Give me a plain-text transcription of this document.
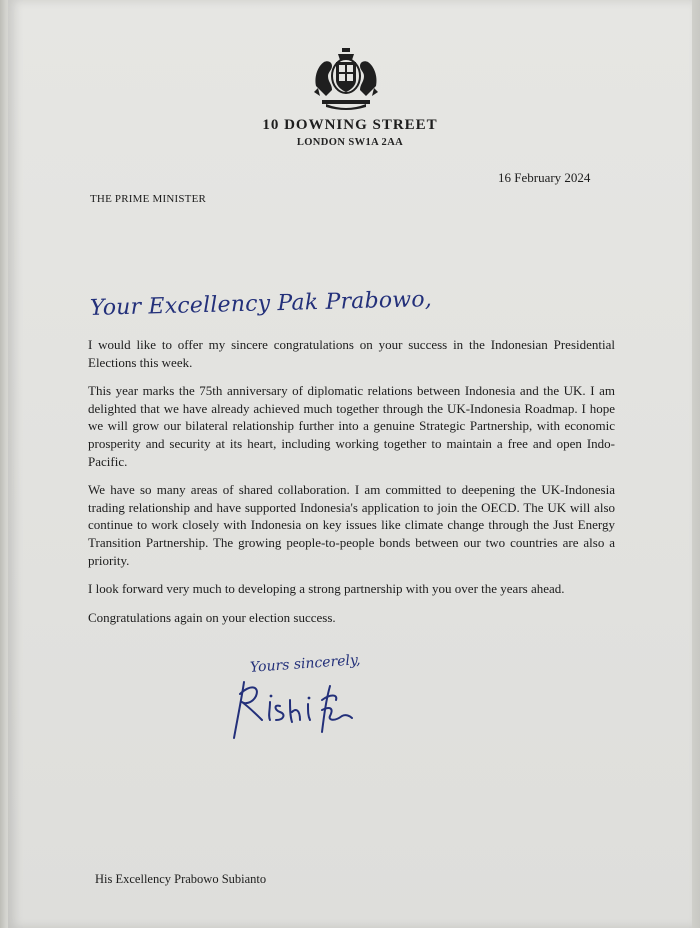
10 DOWNING STREET
LONDON SW1A 2AA
16 February 2024
THE PRIME MINISTER
Your Excellency Pak Prabowo,

I would like to offer my sincere congratulations on your success in the Indonesian Presidential Elections this week.

This year marks the 75th anniversary of diplomatic relations between Indonesia and the UK. I am delighted that we have already achieved much together through the UK-Indonesia Roadmap. I hope we will grow our bilateral relationship further into a genuine Strategic Partnership, with economic prosperity and security at its heart, including working together to maintain a free and open Indo-Pacific.

We have so many areas of shared collaboration. I am committed to deepening the UK-Indonesia trading relationship and have supported Indonesia's application to join the OECD. The UK will also continue to work closely with Indonesia on key issues like climate change through the Just Energy Transition Partnership. The growing people-to-people bonds between our two countries are also a priority.

I look forward very much to developing a strong partnership with you over the years ahead.

Congratulations again on your election success.

Yours sincerely,
His Excellency Prabowo Subianto
